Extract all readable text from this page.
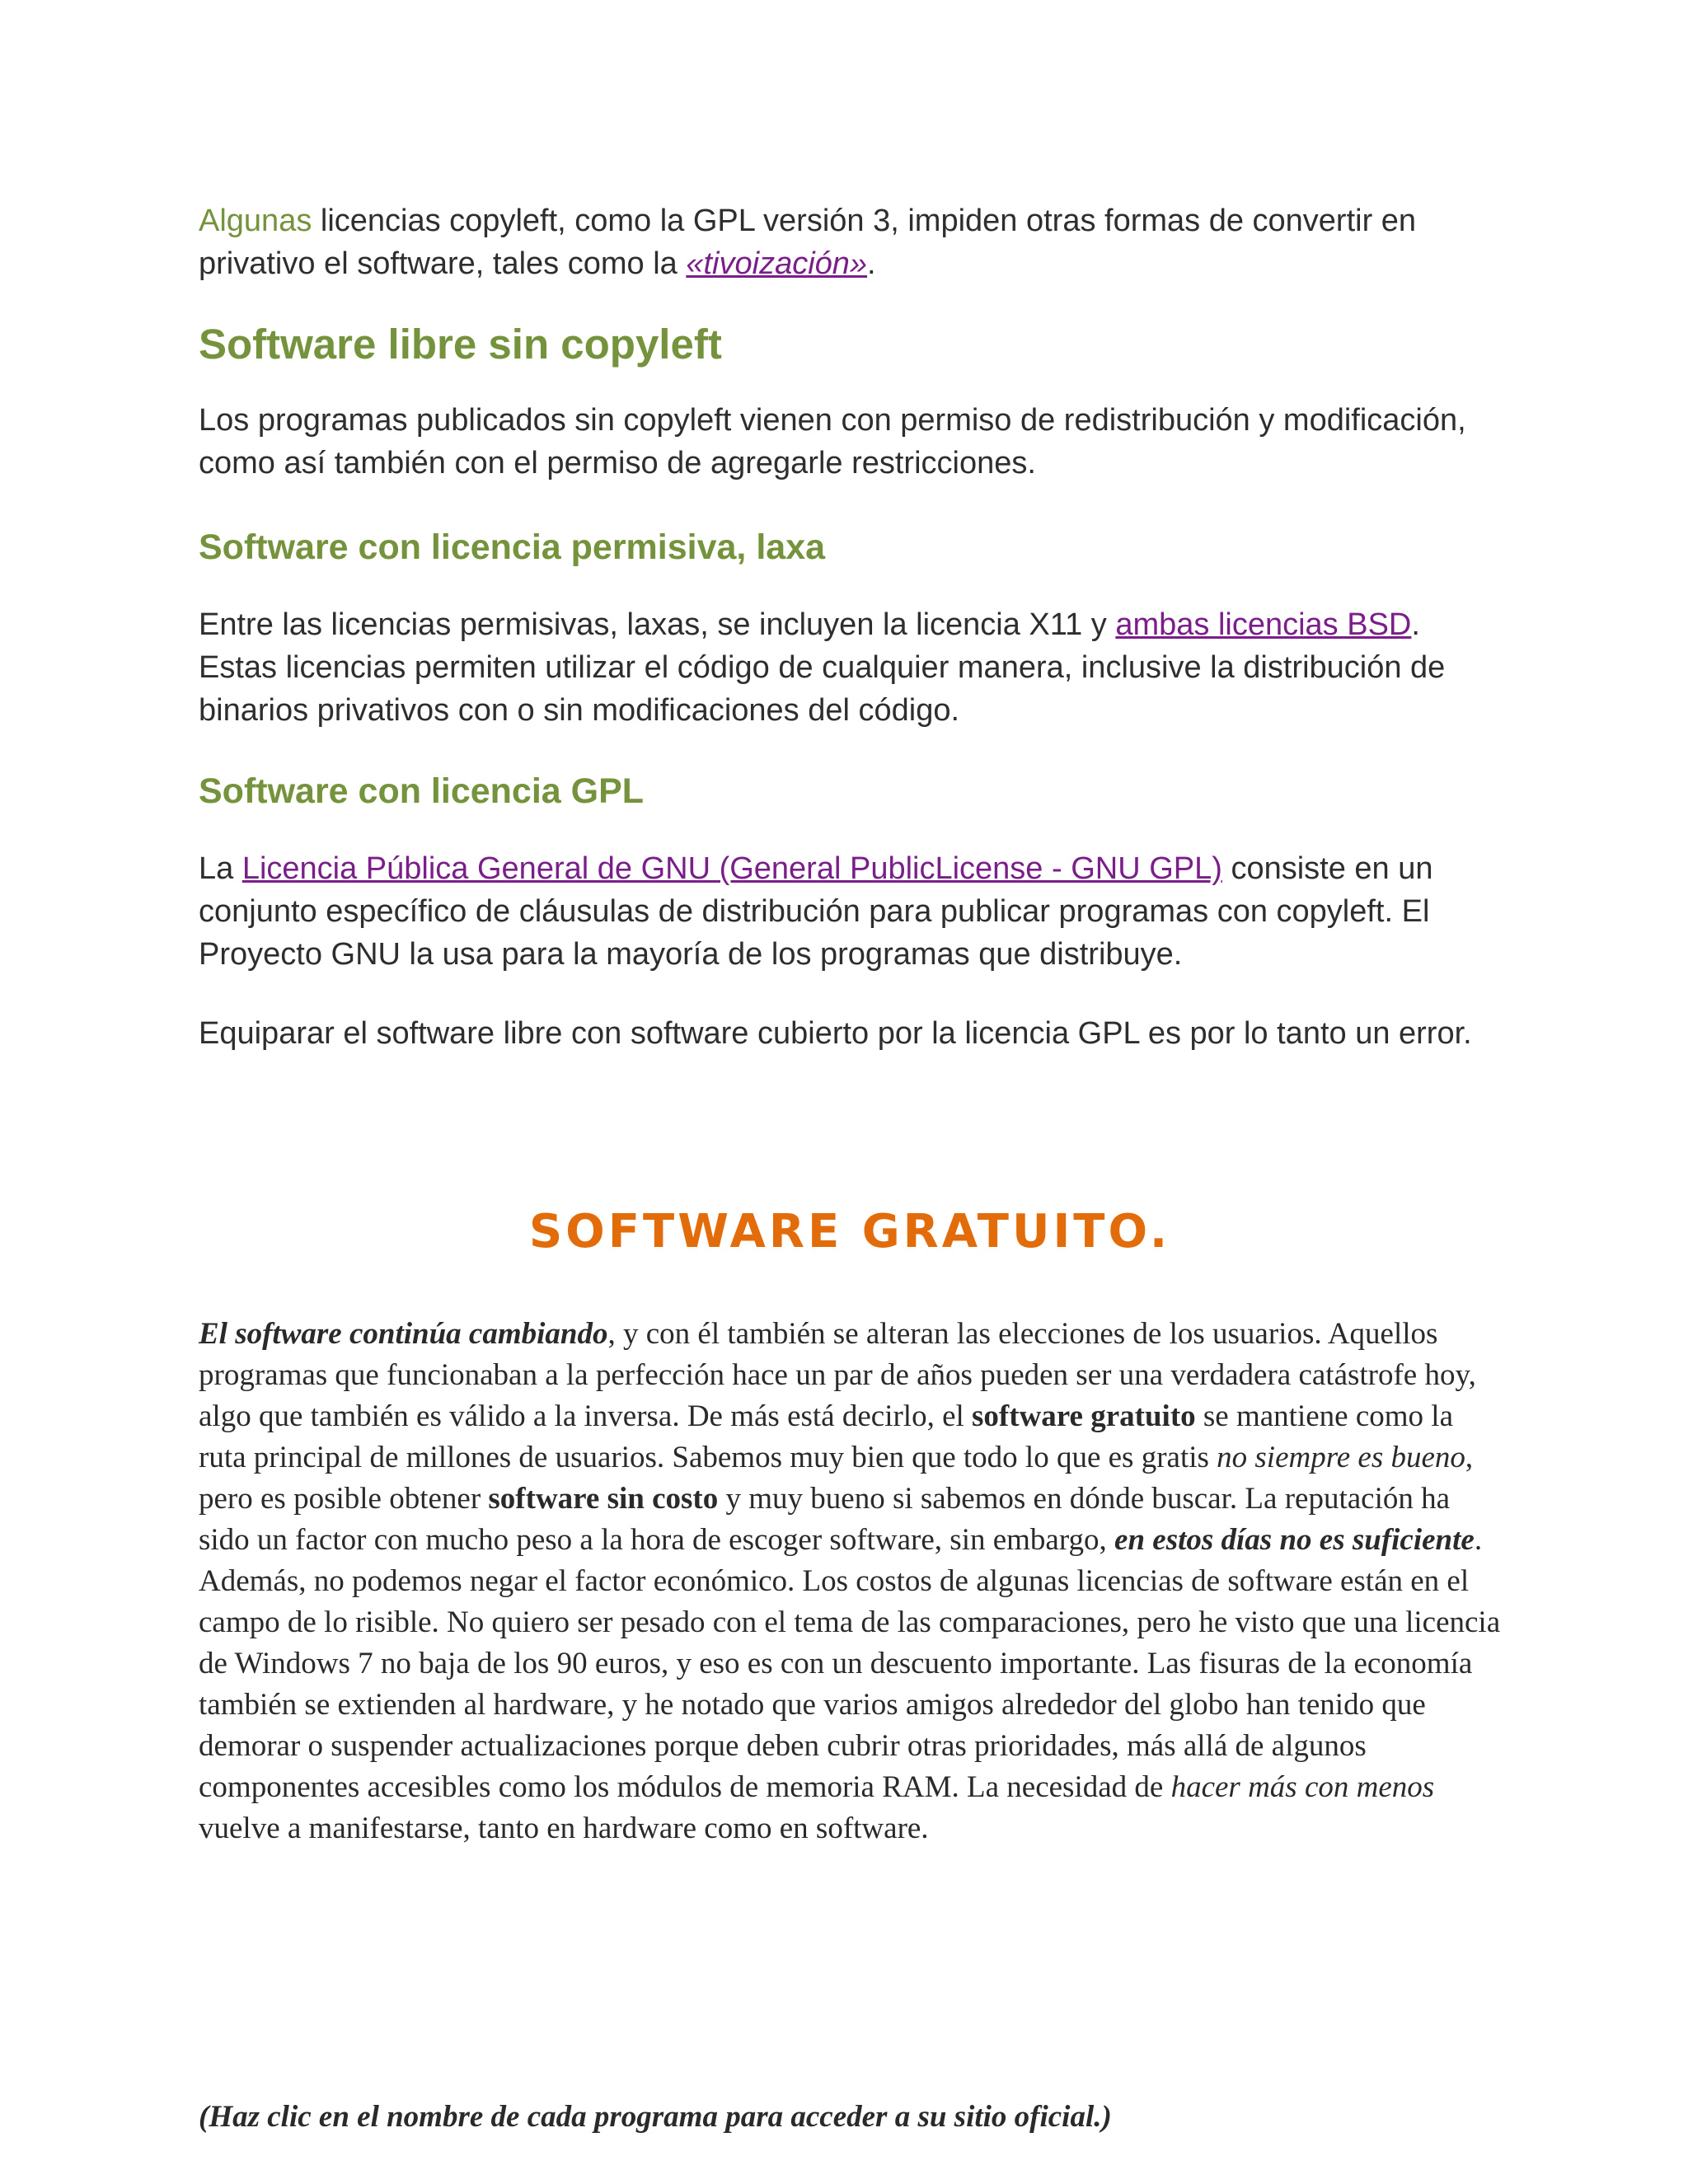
Algunas licencias copyleft, como la GPL versión 3, impiden otras formas de convertir en privativo el software, tales como la «tivoización».

Software libre sin copyleft

Los programas publicados sin copyleft vienen con permiso de redistribución y modificación, como así también con el permiso de agregarle restricciones.

Software con licencia permisiva, laxa

Entre las licencias permisivas, laxas, se incluyen la licencia X11 y ambas licencias BSD. Estas licencias permiten utilizar el código de cualquier manera, inclusive la distribución de binarios privativos con o sin modificaciones del código.

Software con licencia GPL

La Licencia Pública General de GNU (General PublicLicense - GNU GPL) consiste en un conjunto específico de cláusulas de distribución para publicar programas con copyleft. El Proyecto GNU la usa para la mayoría de los programas que distribuye.

Equiparar el software libre con software cubierto por la licencia GPL es por lo tanto un error.

SOFTWARE GRATUITO.

El software continúa cambiando, y con él también se alteran las elecciones de los usuarios. Aquellos programas que funcionaban a la perfección hace un par de años pueden ser una verdadera catástrofe hoy, algo que también es válido a la inversa. De más está decirlo, el software gratuito se mantiene como la ruta principal de millones de usuarios. Sabemos muy bien que todo lo que es gratis no siempre es bueno, pero es posible obtener software sin costo y muy bueno si sabemos en dónde buscar. La reputación ha sido un factor con mucho peso a la hora de escoger software, sin embargo, en estos días no es suficiente. Además, no podemos negar el factor económico. Los costos de algunas licencias de software están en el campo de lo risible. No quiero ser pesado con el tema de las comparaciones, pero he visto que una licencia de Windows 7 no baja de los 90 euros, y eso es con un descuento importante. Las fisuras de la economía también se extienden al hardware, y he notado que varios amigos alrededor del globo han tenido que demorar o suspender actualizaciones porque deben cubrir otras prioridades, más allá de algunos componentes accesibles como los módulos de memoria RAM. La necesidad de hacer más con menos vuelve a manifestarse, tanto en hardware como en software.

(Haz clic en el nombre de cada programa para acceder a su sitio oficial.)
